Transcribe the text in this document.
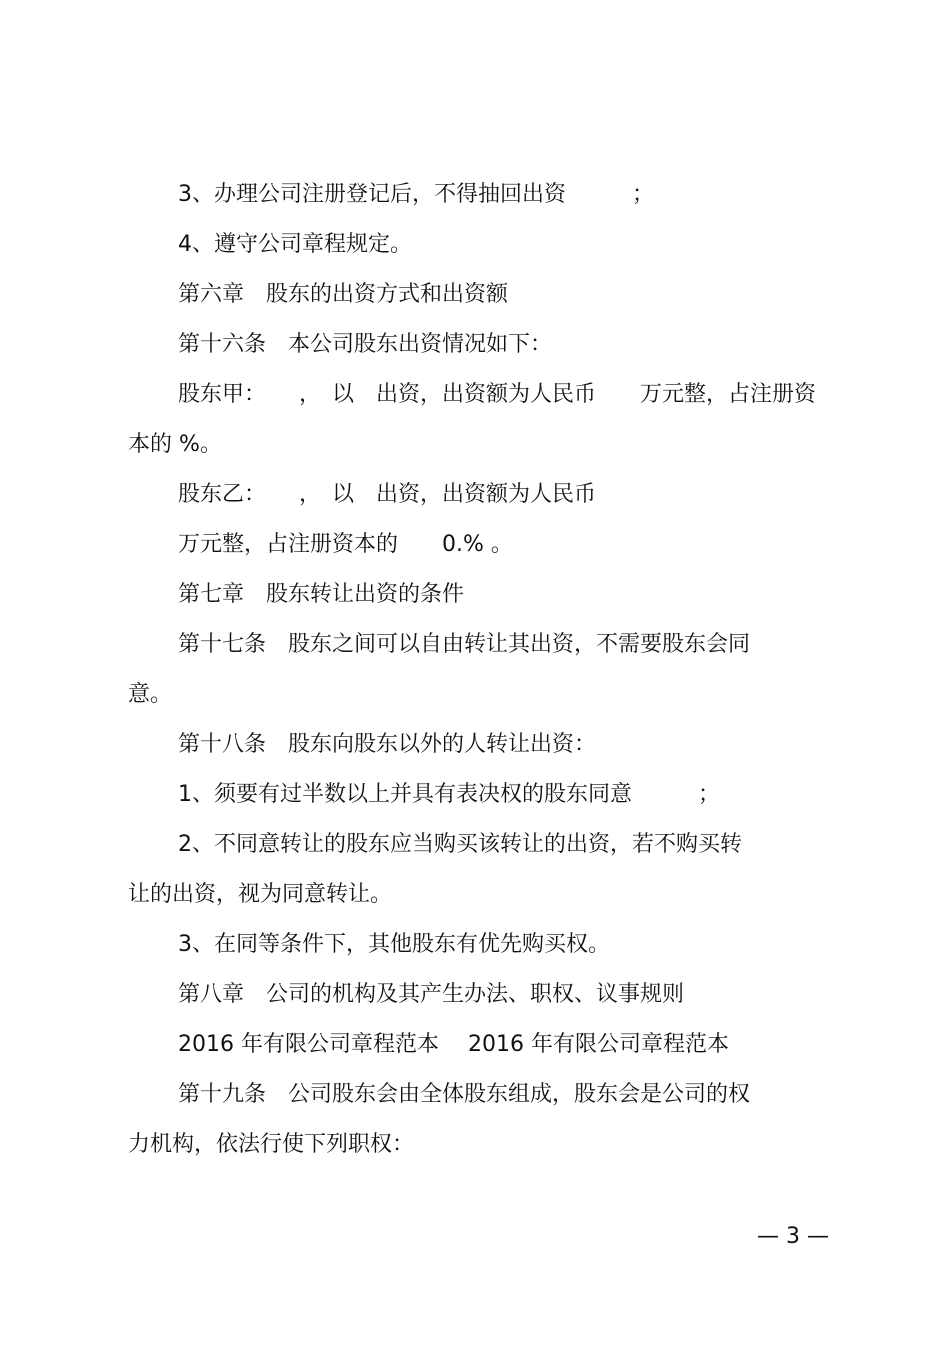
3、办理公司注册登记后，不得抽回出资　　　；
4、遵守公司章程规定。
第六章　股东的出资方式和出资额
第十六条　本公司股东出资情况如下：
股东甲：　　，　以　出资，出资额为人民币　　万元整，占注册资
本的 %。
股东乙：　　，　以　出资，出资额为人民币
万元整，占注册资本的　　0.% 。
第七章　股东转让出资的条件
第十七条　股东之间可以自由转让其出资，不需要股东会同
意。
第十八条　股东向股东以外的人转让出资：
1、须要有过半数以上并具有表决权的股东同意　　　；
2、不同意转让的股东应当购买该转让的出资，若不购买转
让的出资，视为同意转让。
3、在同等条件下，其他股东有优先购买权。
第八章　公司的机构及其产生办法、职权、议事规则
2016 年有限公司章程范本　 2016 年有限公司章程范本
第十九条　公司股东会由全体股东组成，股东会是公司的权
力机构，依法行使下列职权：
— 3 —
